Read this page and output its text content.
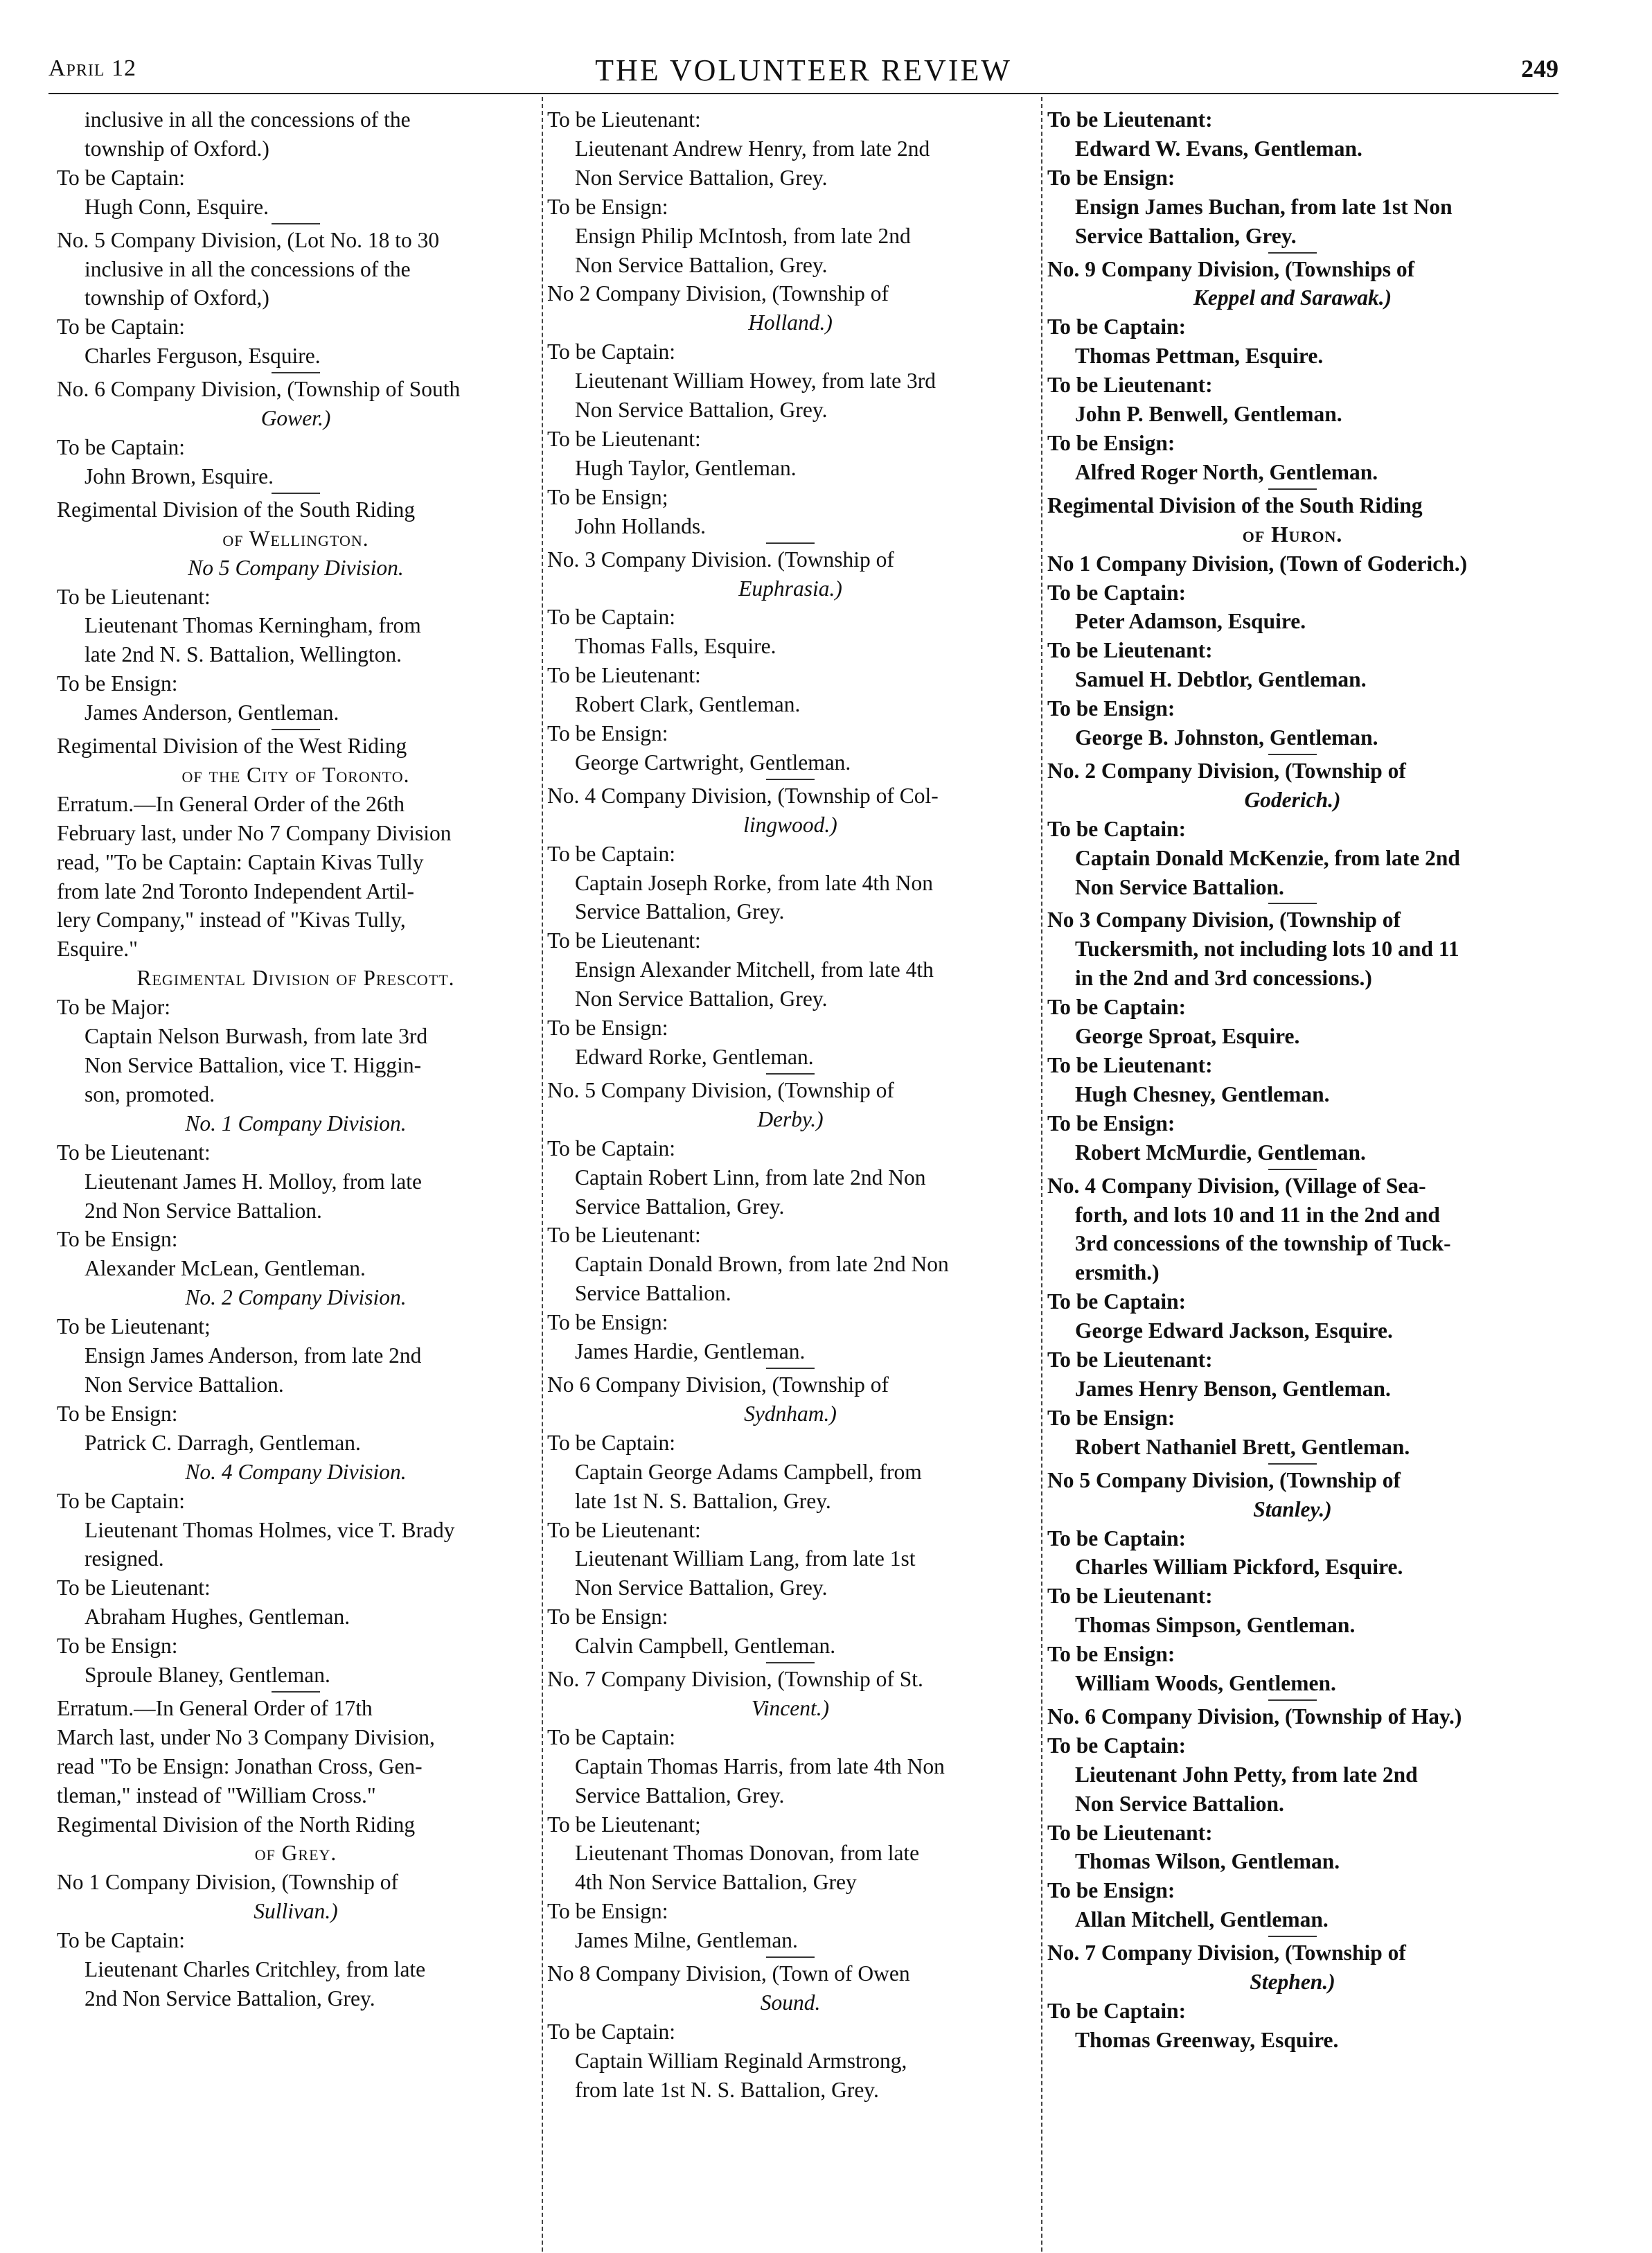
April 12	THE VOLUNTEER REVIEW	249

inclusive in all the concessions of the

township of Oxford.)

To be Captain:

Hugh Conn, Esquire.

No. 5 Company Division, (Lot No. 18 to 30

inclusive in all the concessions of the

township of Oxford,)

To be Captain:

Charles Ferguson, Esquire.

No. 6 Company Division, (Township of South

Gower.)

To be Captain:

John Brown, Esquire.

Regimental Division of the South Riding

of Wellington.

No 5 Company Division.

To be Lieutenant:

Lieutenant Thomas Kerningham, from

late 2nd N. S. Battalion, Wellington.

To be Ensign:

James Anderson, Gentleman.

Regimental Division of the West Riding

of the City of Toronto.

Erratum.—In General Order of the 26th

February last, under No 7 Company Division

read, "To be Captain: Captain Kivas Tully

from late 2nd Toronto Independent Artil-

lery Company," instead of "Kivas Tully,

Esquire."

Regimental Division of Prescott.

To be Major:

Captain Nelson Burwash, from late 3rd

Non Service Battalion, vice T. Higgin-

son, promoted.

No. 1 Company Division.

To be Lieutenant:

Lieutenant James H. Molloy, from late

2nd Non Service Battalion.

To be Ensign:

Alexander McLean, Gentleman.

No. 2 Company Division.

To be Lieutenant;

Ensign James Anderson, from late 2nd

Non Service Battalion.

To be Ensign:

Patrick C. Darragh, Gentleman.

No. 4 Company Division.

To be Captain:

Lieutenant Thomas Holmes, vice T. Brady

resigned.

To be Lieutenant:

Abraham Hughes, Gentleman.

To be Ensign:

Sproule Blaney, Gentleman.

Erratum.—In General Order of 17th

March last, under No 3 Company Division,

read "To be Ensign: Jonathan Cross, Gen-

tleman," instead of "William Cross."

Regimental Division of the North Riding

of Grey.

No 1 Company Division, (Township of

Sullivan.)

To be Captain:

Lieutenant Charles Critchley, from late

2nd Non Service Battalion, Grey.

To be Lieutenant:

Lieutenant Andrew Henry, from late 2nd

Non Service Battalion, Grey.

To be Ensign:

Ensign Philip McIntosh, from late 2nd

Non Service Battalion, Grey.

No 2 Company Division, (Township of

Holland.)

To be Captain:

Lieutenant William Howey, from late 3rd

Non Service Battalion, Grey.

To be Lieutenant:

Hugh Taylor, Gentleman.

To be Ensign;

John Hollands.

No. 3 Company Division. (Township of

Euphrasia.)

To be Captain:

Thomas Falls, Esquire.

To be Lieutenant:

Robert Clark, Gentleman.

To be Ensign:

George Cartwright, Gentleman.

No. 4 Company Division, (Township of Col-

lingwood.)

To be Captain:

Captain Joseph Rorke, from late 4th Non

Service Battalion, Grey.

To be Lieutenant:

Ensign Alexander Mitchell, from late 4th

Non Service Battalion, Grey.

To be Ensign:

Edward Rorke, Gentleman.

No. 5 Company Division, (Township of

Derby.)

To be Captain:

Captain Robert Linn, from late 2nd Non

Service Battalion, Grey.

To be Lieutenant:

Captain Donald Brown, from late 2nd Non

Service Battalion.

To be Ensign:

James Hardie, Gentleman.

No 6 Company Division, (Township of

Sydnham.)

To be Captain:

Captain George Adams Campbell, from

late 1st N. S. Battalion, Grey.

To be Lieutenant:

Lieutenant William Lang, from late 1st

Non Service Battalion, Grey.

To be Ensign:

Calvin Campbell, Gentleman.

No. 7 Company Division, (Township of St.

Vincent.)

To be Captain:

Captain Thomas Harris, from late 4th Non

Service Battalion, Grey.

To be Lieutenant;

Lieutenant Thomas Donovan, from late

4th Non Service Battalion, Grey

To be Ensign:

James Milne, Gentleman.

No 8 Company Division, (Town of Owen

Sound.

To be Captain:

Captain William Reginald Armstrong,

from late 1st N. S. Battalion, Grey.

To be Lieutenant:

Edward W. Evans, Gentleman.

To be Ensign:

Ensign James Buchan, from late 1st Non

Service Battalion, Grey.

No. 9 Company Division, (Townships of

Keppel and Sarawak.)

To be Captain:

Thomas Pettman, Esquire.

To be Lieutenant:

John P. Benwell, Gentleman.

To be Ensign:

Alfred Roger North, Gentleman.

Regimental Division of the South Riding

of Huron.

No 1 Company Division, (Town of Goderich.)

To be Captain:

Peter Adamson, Esquire.

To be Lieutenant:

Samuel H. Debtlor, Gentleman.

To be Ensign:

George B. Johnston, Gentleman.

No. 2 Company Division, (Township of

Goderich.)

To be Captain:

Captain Donald McKenzie, from late 2nd

Non Service Battalion.

No 3 Company Division, (Township of

Tuckersmith, not including lots 10 and 11

in the 2nd and 3rd concessions.)

To be Captain:

George Sproat, Esquire.

To be Lieutenant:

Hugh Chesney, Gentleman.

To be Ensign:

Robert McMurdie, Gentleman.

No. 4 Company Division, (Village of Sea-

forth, and lots 10 and 11 in the 2nd and

3rd concessions of the township of Tuck-

ersmith.)

To be Captain:

George Edward Jackson, Esquire.

To be Lieutenant:

James Henry Benson, Gentleman.

To be Ensign:

Robert Nathaniel Brett, Gentleman.

No 5 Company Division, (Township of

Stanley.)

To be Captain:

Charles William Pickford, Esquire.

To be Lieutenant:

Thomas Simpson, Gentleman.

To be Ensign:

William Woods, Gentlemen.

No. 6 Company Division, (Township of Hay.)

To be Captain:

Lieutenant John Petty, from late 2nd

Non Service Battalion.

To be Lieutenant:

Thomas Wilson, Gentleman.

To be Ensign:

Allan Mitchell, Gentleman.

No. 7 Company Division, (Township of

Stephen.)

To be Captain:

Thomas Greenway, Esquire.
